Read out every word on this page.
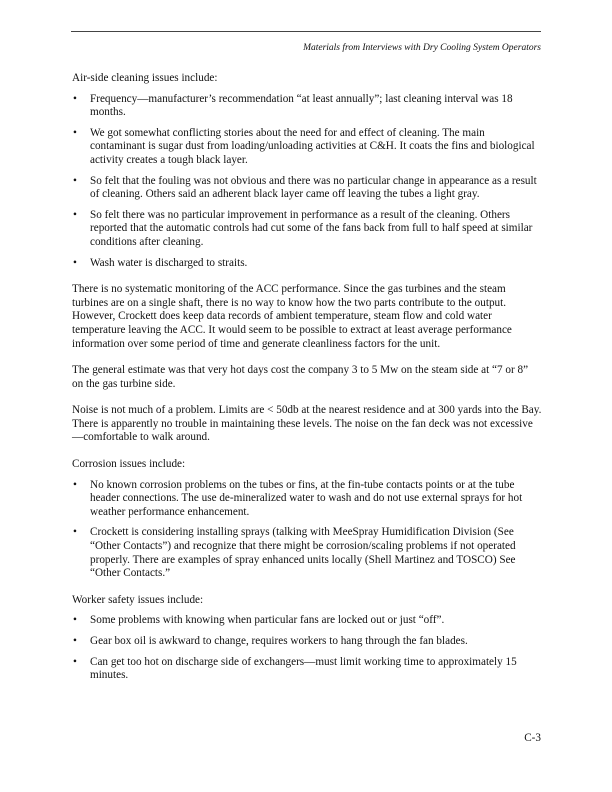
Materials from Interviews with Dry Cooling System Operators

Air-side cleaning issues include:

• Frequency—manufacturer’s recommendation “at least annually”; last cleaning interval was 18 months.
• We got somewhat conflicting stories about the need for and effect of cleaning. The main contaminant is sugar dust from loading/unloading activities at C&H. It coats the fins and biological activity creates a tough black layer.
• So felt that the fouling was not obvious and there was no particular change in appearance as a result of cleaning. Others said an adherent black layer came off leaving the tubes a light gray.
• So felt there was no particular improvement in performance as a result of the cleaning. Others reported that the automatic controls had cut some of the fans back from full to half speed at similar conditions after cleaning.
• Wash water is discharged to straits.

There is no systematic monitoring of the ACC performance. Since the gas turbines and the steam turbines are on a single shaft, there is no way to know how the two parts contribute to the output. However, Crockett does keep data records of ambient temperature, steam flow and cold water temperature leaving the ACC. It would seem to be possible to extract at least average performance information over some period of time and generate cleanliness factors for the unit.

The general estimate was that very hot days cost the company 3 to 5 Mw on the steam side at “7 or 8” on the gas turbine side.

Noise is not much of a problem. Limits are < 50db at the nearest residence and at 300 yards into the Bay. There is apparently no trouble in maintaining these levels. The noise on the fan deck was not excessive—comfortable to walk around.

Corrosion issues include:

• No known corrosion problems on the tubes or fins, at the fin-tube contacts points or at the tube header connections. The use de-mineralized water to wash and do not use external sprays for hot weather performance enhancement.
• Crockett is considering installing sprays (talking with MeeSpray Humidification Division (See “Other Contacts”) and recognize that there might be corrosion/scaling problems if not operated properly. There are examples of spray enhanced units locally (Shell Martinez and TOSCO) See “Other Contacts.”

Worker safety issues include:

• Some problems with knowing when particular fans are locked out or just “off”.
• Gear box oil is awkward to change, requires workers to hang through the fan blades.
• Can get too hot on discharge side of exchangers—must limit working time to approximately 15 minutes.
C-3
